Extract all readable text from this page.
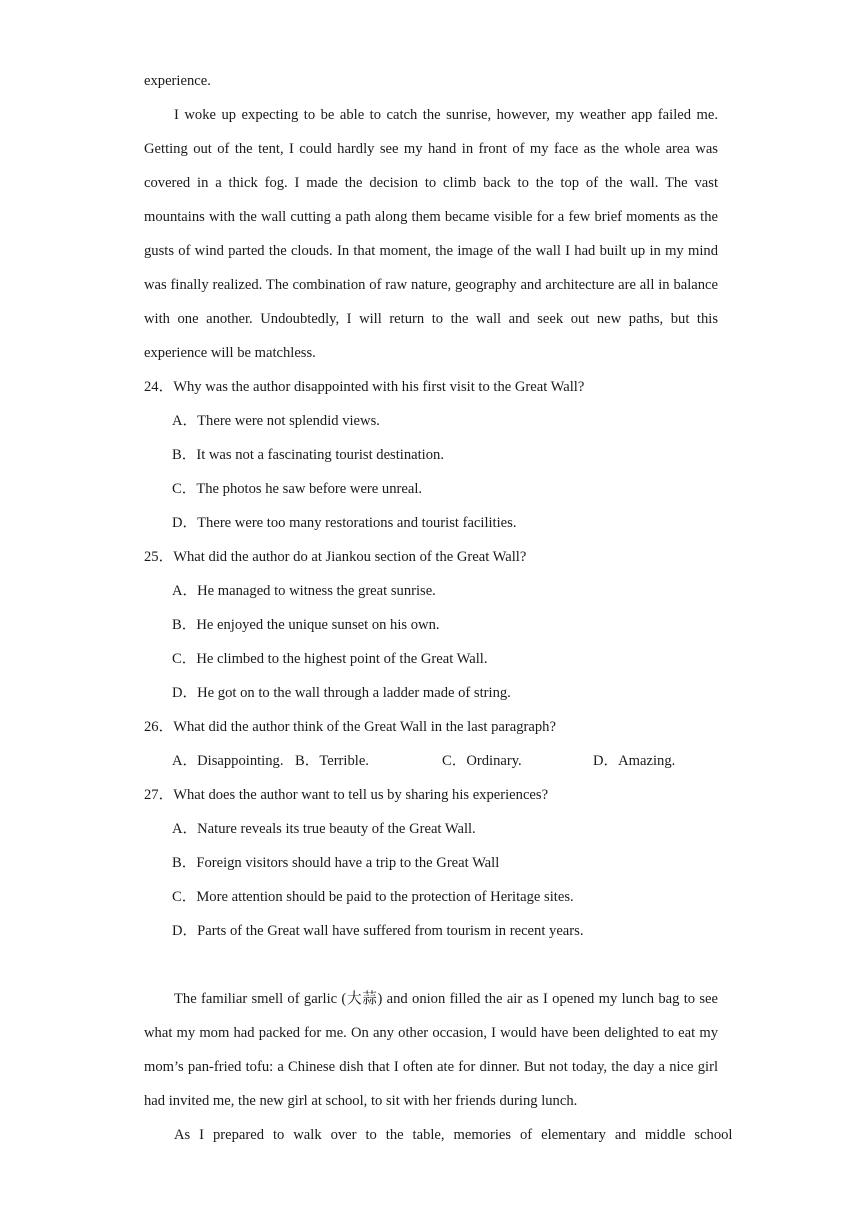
experience.

I woke up expecting to be able to catch the sunrise, however, my weather app failed me. Getting out of the tent, I could hardly see my hand in front of my face as the whole area was covered in a thick fog. I made the decision to climb back to the top of the wall. The vast mountains with the wall cutting a path along them became visible for a few brief moments as the gusts of wind parted the clouds. In that moment, the image of the wall I had built up in my mind was finally realized. The combination of raw nature, geography and architecture are all in balance with one another. Undoubtedly, I will return to the wall and seek out new paths, but this experience will be matchless.

24．Why was the author disappointed with his first visit to the Great Wall?
A．There were not splendid views.
B．It was not a fascinating tourist destination.
C．The photos he saw before were unreal.
D．There were too many restorations and tourist facilities.
25．What did the author do at Jiankou section of the Great Wall?
A．He managed to witness the great sunrise.
B．He enjoyed the unique sunset on his own.
C．He climbed to the highest point of the Great Wall.
D．He got on to the wall through a ladder made of string.
26．What did the author think of the Great Wall in the last paragraph?
A．Disappointing. B．Terrible.	C．Ordinary.	D．Amazing.
27．What does the author want to tell us by sharing his experiences?
A．Nature reveals its true beauty of the Great Wall.
B．Foreign visitors should have a trip to the Great Wall
C．More attention should be paid to the protection of Heritage sites.
D．Parts of the Great wall have suffered from tourism in recent years.

The familiar smell of garlic (大蒜) and onion filled the air as I opened my lunch bag to see what my mom had packed for me. On any other occasion, I would have been delighted to eat my mom’s pan-fried tofu: a Chinese dish that I often ate for dinner. But not today, the day a nice girl had invited me, the new girl at school, to sit with her friends during lunch.

As I prepared to walk over to the table, memories of elementary and middle school
